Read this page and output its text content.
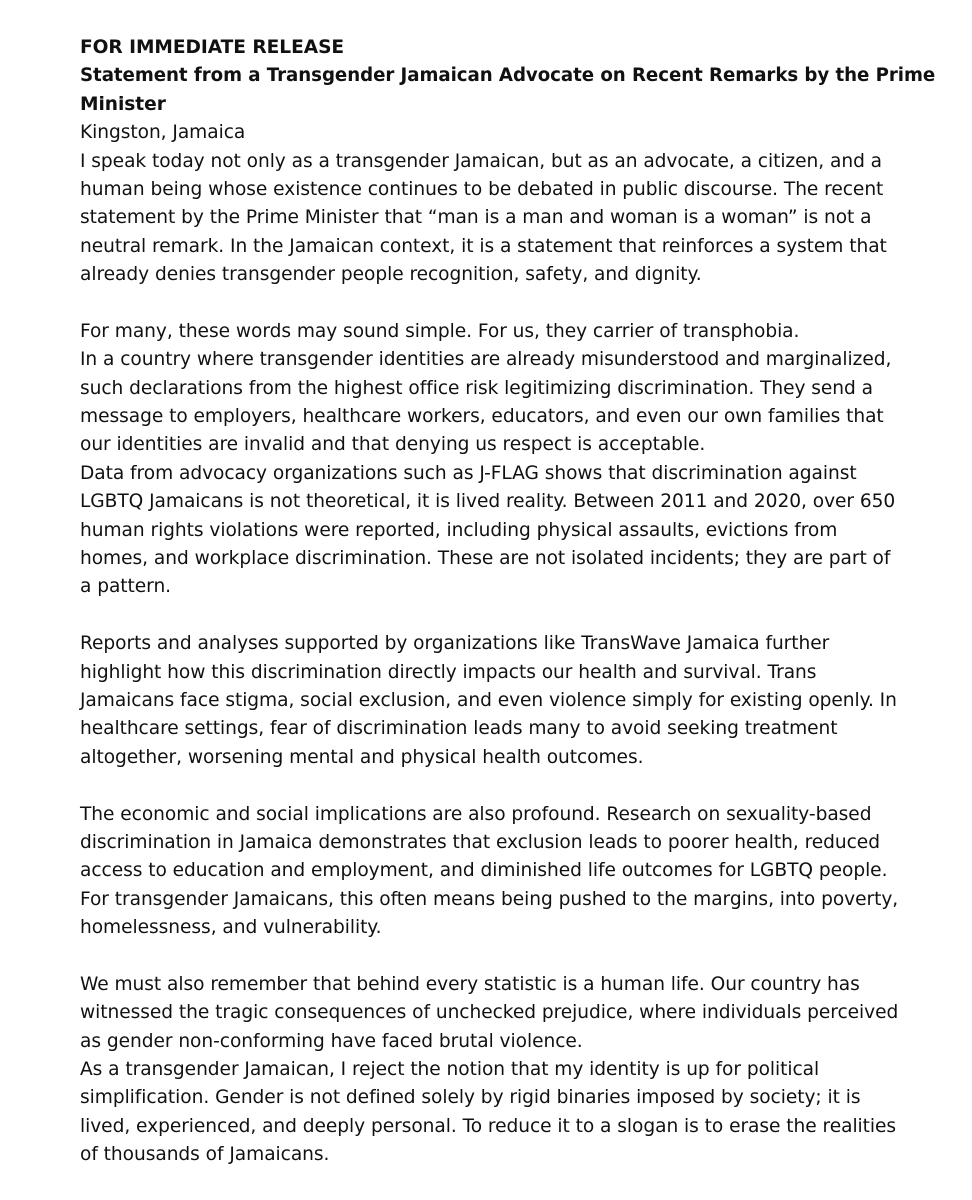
FOR IMMEDIATE RELEASE
Statement from a Transgender Jamaican Advocate on Recent Remarks by the Prime
Minister
Kingston, Jamaica
I speak today not only as a transgender Jamaican, but as an advocate, a citizen, and a
human being whose existence continues to be debated in public discourse. The recent
statement by the Prime Minister that “man is a man and woman is a woman” is not a
neutral remark. In the Jamaican context, it is a statement that reinforces a system that
already denies transgender people recognition, safety, and dignity.
For many, these words may sound simple. For us, they carrier of transphobia.
In a country where transgender identities are already misunderstood and marginalized,
such declarations from the highest office risk legitimizing discrimination. They send a
message to employers, healthcare workers, educators, and even our own families that
our identities are invalid and that denying us respect is acceptable.
Data from advocacy organizations such as J-FLAG shows that discrimination against
LGBTQ Jamaicans is not theoretical, it is lived reality. Between 2011 and 2020, over 650
human rights violations were reported, including physical assaults, evictions from
homes, and workplace discrimination. These are not isolated incidents; they are part of
a pattern.
Reports and analyses supported by organizations like TransWave Jamaica further
highlight how this discrimination directly impacts our health and survival. Trans
Jamaicans face stigma, social exclusion, and even violence simply for existing openly. In
healthcare settings, fear of discrimination leads many to avoid seeking treatment
altogether, worsening mental and physical health outcomes.
The economic and social implications are also profound. Research on sexuality-based
discrimination in Jamaica demonstrates that exclusion leads to poorer health, reduced
access to education and employment, and diminished life outcomes for LGBTQ people.
For transgender Jamaicans, this often means being pushed to the margins, into poverty,
homelessness, and vulnerability.
We must also remember that behind every statistic is a human life. Our country has
witnessed the tragic consequences of unchecked prejudice, where individuals perceived
as gender non-conforming have faced brutal violence.
As a transgender Jamaican, I reject the notion that my identity is up for political
simplification. Gender is not defined solely by rigid binaries imposed by society; it is
lived, experienced, and deeply personal. To reduce it to a slogan is to erase the realities
of thousands of Jamaicans.
